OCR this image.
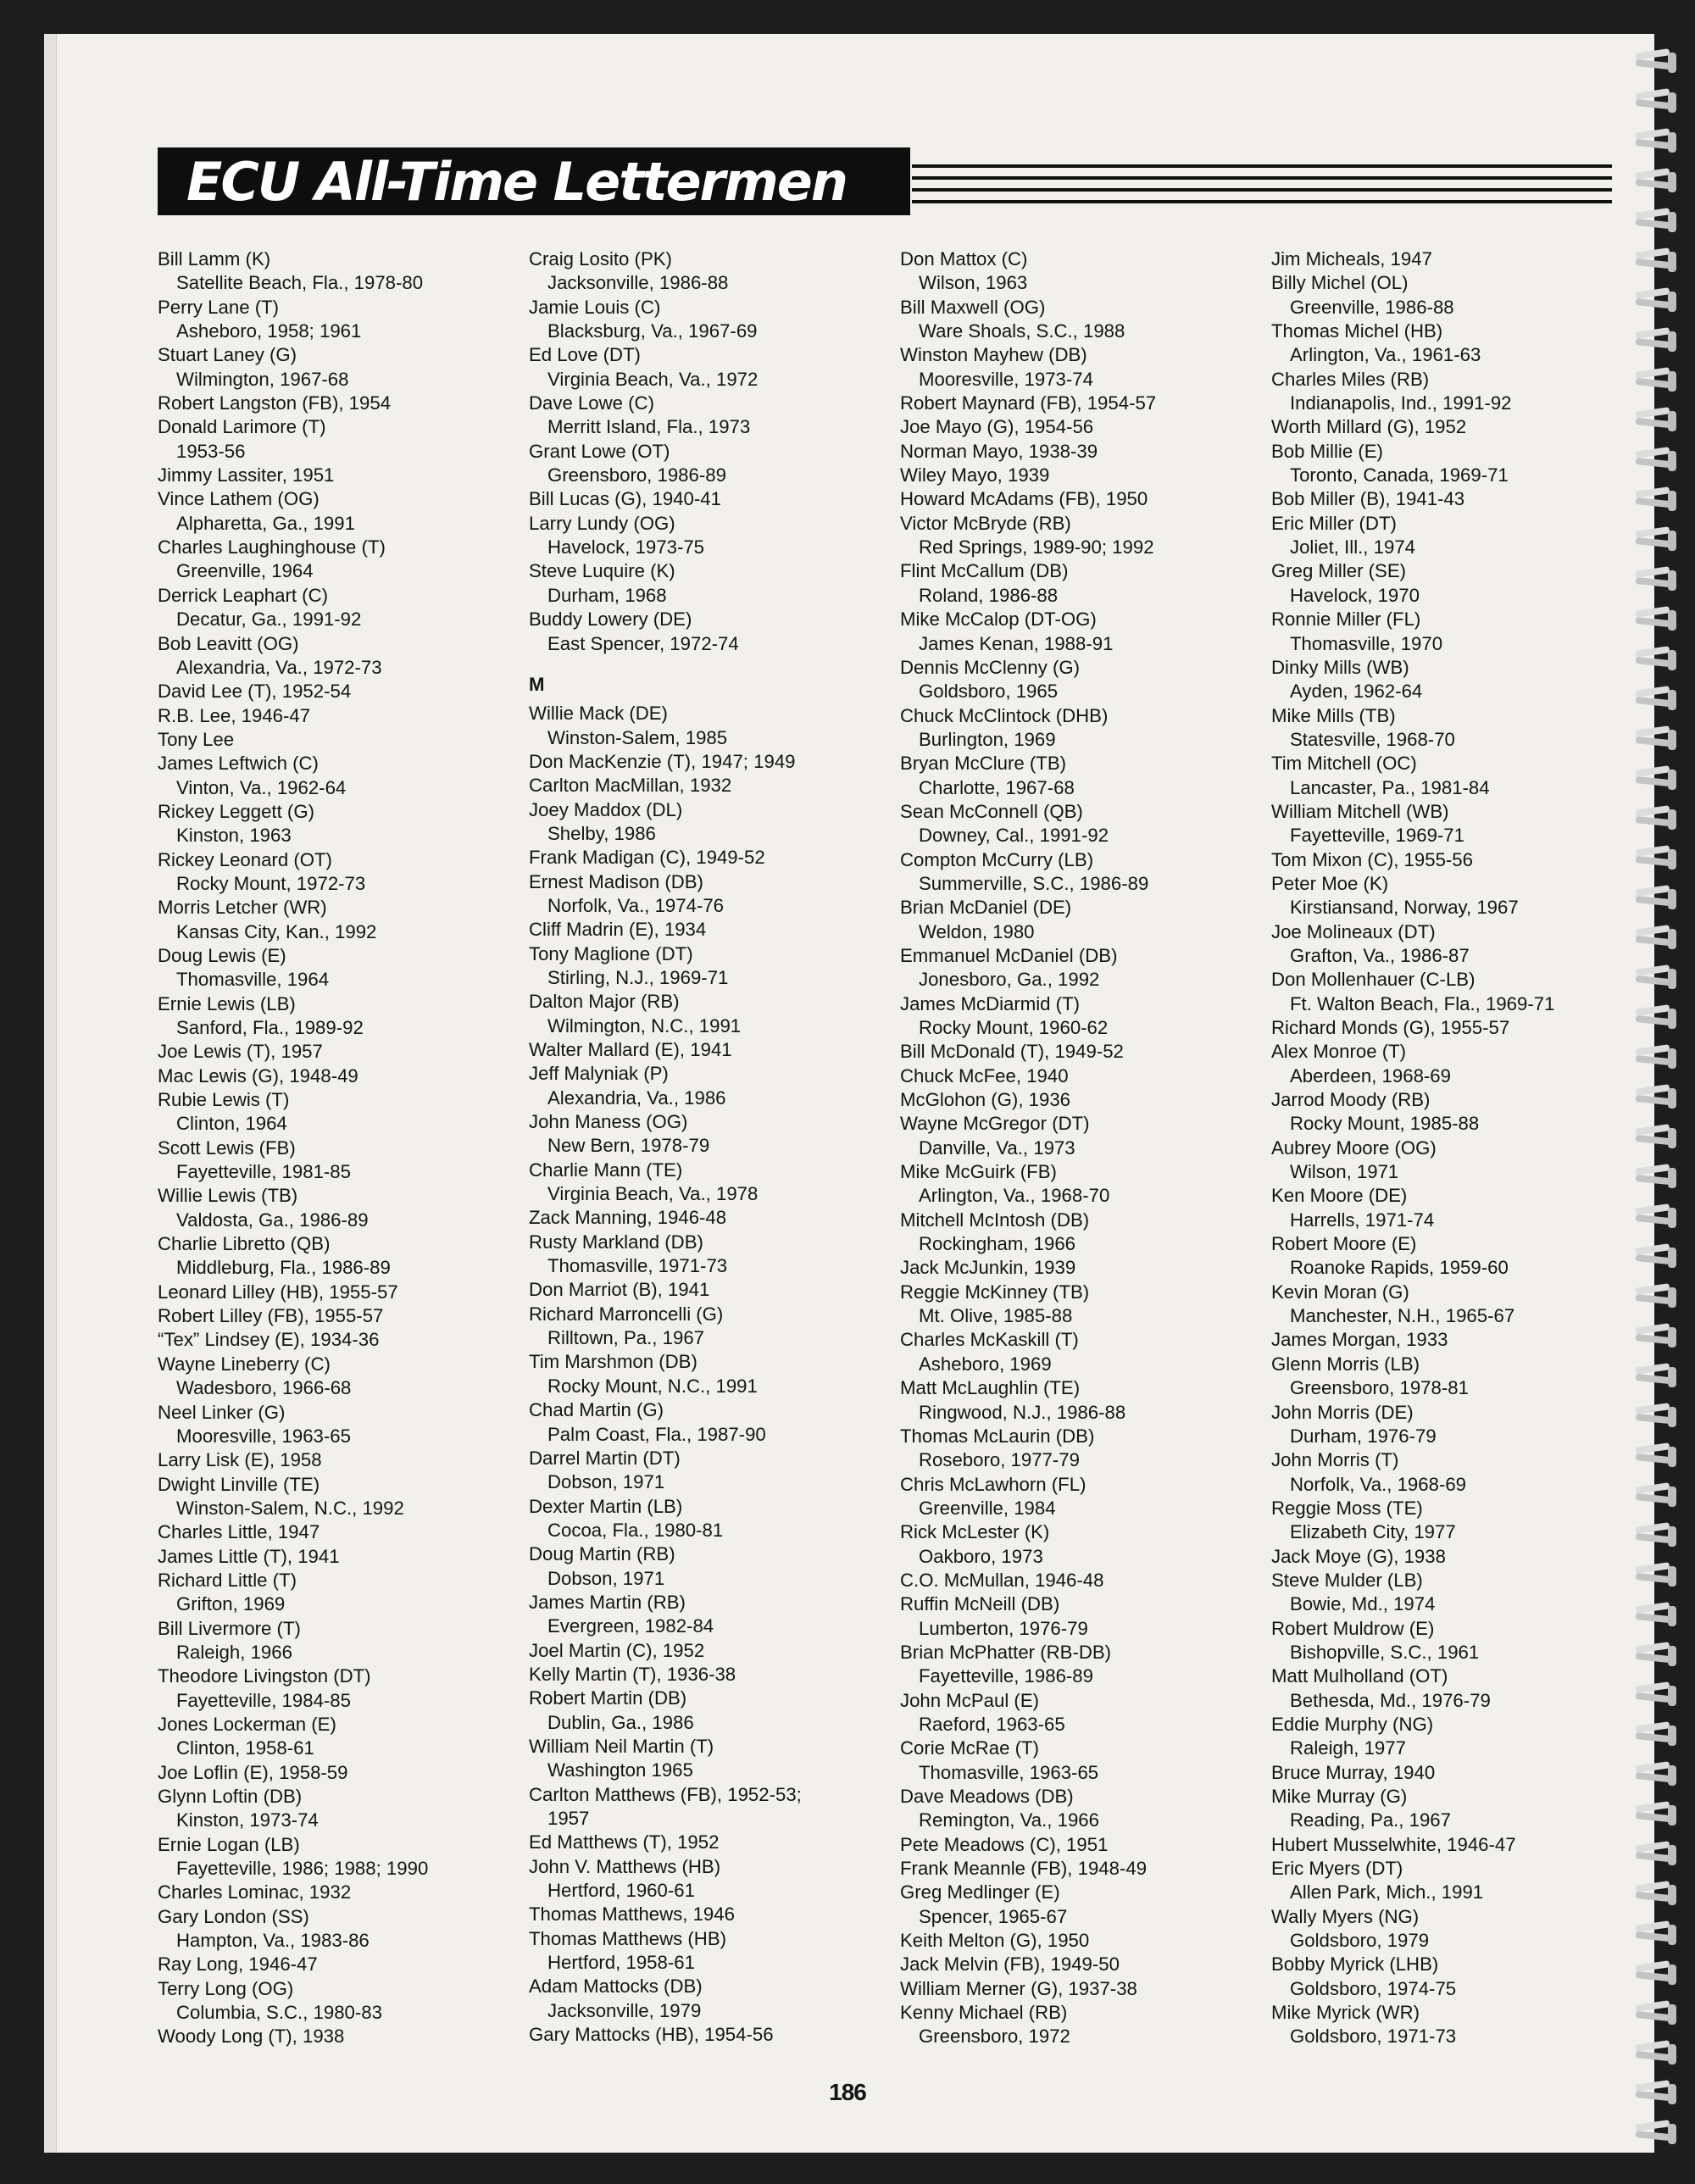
ECU All-Time Lettermen
Bill Lamm (K)
Satellite Beach, Fla., 1978-80
Perry Lane (T)
Asheboro, 1958; 1961
Stuart Laney (G)
Wilmington, 1967-68
Robert Langston (FB), 1954
Donald Larimore (T)
1953-56
Jimmy Lassiter, 1951
Vince Lathem (OG)
Alpharetta, Ga., 1991
Charles Laughinghouse (T)
Greenville, 1964
Derrick Leaphart (C)
Decatur, Ga., 1991-92
Bob Leavitt (OG)
Alexandria, Va., 1972-73
David Lee (T), 1952-54
R.B. Lee, 1946-47
Tony Lee
James Leftwich (C)
Vinton, Va., 1962-64
Rickey Leggett (G)
Kinston, 1963
Rickey Leonard (OT)
Rocky Mount, 1972-73
Morris Letcher (WR)
Kansas City, Kan., 1992
Doug Lewis (E)
Thomasville, 1964
Ernie Lewis (LB)
Sanford, Fla., 1989-92
Joe Lewis (T), 1957
Mac Lewis (G), 1948-49
Rubie Lewis (T)
Clinton, 1964
Scott Lewis (FB)
Fayetteville, 1981-85
Willie Lewis (TB)
Valdosta, Ga., 1986-89
Charlie Libretto (QB)
Middleburg, Fla., 1986-89
Leonard Lilley (HB), 1955-57
Robert Lilley (FB), 1955-57
“Tex” Lindsey (E), 1934-36
Wayne Lineberry (C)
Wadesboro, 1966-68
Neel Linker (G)
Mooresville, 1963-65
Larry Lisk (E), 1958
Dwight Linville (TE)
Winston-Salem, N.C., 1992
Charles Little, 1947
James Little (T), 1941
Richard Little (T)
Grifton, 1969
Bill Livermore (T)
Raleigh, 1966
Theodore Livingston (DT)
Fayetteville, 1984-85
Jones Lockerman (E)
Clinton, 1958-61
Joe Loflin (E), 1958-59
Glynn Loftin (DB)
Kinston, 1973-74
Ernie Logan (LB)
Fayetteville, 1986; 1988; 1990
Charles Lominac, 1932
Gary London (SS)
Hampton, Va., 1983-86
Ray Long, 1946-47
Terry Long (OG)
Columbia, S.C., 1980-83
Woody Long (T), 1938
Craig Losito (PK)
Jacksonville, 1986-88
Jamie Louis (C)
Blacksburg, Va., 1967-69
Ed Love (DT)
Virginia Beach, Va., 1972
Dave Lowe (C)
Merritt Island, Fla., 1973
Grant Lowe (OT)
Greensboro, 1986-89
Bill Lucas (G), 1940-41
Larry Lundy (OG)
Havelock, 1973-75
Steve Luquire (K)
Durham, 1968
Buddy Lowery (DE)
East Spencer, 1972-74
M
Willie Mack (DE)
Winston-Salem, 1985
Don MacKenzie (T), 1947; 1949
Carlton MacMillan, 1932
Joey Maddox (DL)
Shelby, 1986
Frank Madigan (C), 1949-52
Ernest Madison (DB)
Norfolk, Va., 1974-76
Cliff Madrin (E), 1934
Tony Maglione (DT)
Stirling, N.J., 1969-71
Dalton Major (RB)
Wilmington, N.C., 1991
Walter Mallard (E), 1941
Jeff Malyniak (P)
Alexandria, Va., 1986
John Maness (OG)
New Bern, 1978-79
Charlie Mann (TE)
Virginia Beach, Va., 1978
Zack Manning, 1946-48
Rusty Markland (DB)
Thomasville, 1971-73
Don Marriot (B), 1941
Richard Marroncelli (G)
Rilltown, Pa., 1967
Tim Marshmon (DB)
Rocky Mount, N.C., 1991
Chad Martin (G)
Palm Coast, Fla., 1987-90
Darrel Martin (DT)
Dobson, 1971
Dexter Martin (LB)
Cocoa, Fla., 1980-81
Doug Martin (RB)
Dobson, 1971
James Martin (RB)
Evergreen, 1982-84
Joel Martin (C), 1952
Kelly Martin (T), 1936-38
Robert Martin (DB)
Dublin, Ga., 1986
William Neil Martin (T)
Washington 1965
Carlton Matthews (FB), 1952-53;
1957
Ed Matthews (T), 1952
John V. Matthews (HB)
Hertford, 1960-61
Thomas Matthews, 1946
Thomas Matthews (HB)
Hertford, 1958-61
Adam Mattocks (DB)
Jacksonville, 1979
Gary Mattocks (HB), 1954-56
Don Mattox (C)
Wilson, 1963
Bill Maxwell (OG)
Ware Shoals, S.C., 1988
Winston Mayhew (DB)
Mooresville, 1973-74
Robert Maynard (FB), 1954-57
Joe Mayo (G), 1954-56
Norman Mayo, 1938-39
Wiley Mayo, 1939
Howard McAdams (FB), 1950
Victor McBryde (RB)
Red Springs, 1989-90; 1992
Flint McCallum (DB)
Roland, 1986-88
Mike McCalop (DT-OG)
James Kenan, 1988-91
Dennis McClenny (G)
Goldsboro, 1965
Chuck McClintock (DHB)
Burlington, 1969
Bryan McClure (TB)
Charlotte, 1967-68
Sean McConnell (QB)
Downey, Cal., 1991-92
Compton McCurry (LB)
Summerville, S.C., 1986-89
Brian McDaniel (DE)
Weldon, 1980
Emmanuel McDaniel (DB)
Jonesboro, Ga., 1992
James McDiarmid (T)
Rocky Mount, 1960-62
Bill McDonald (T), 1949-52
Chuck McFee, 1940
McGlohon (G), 1936
Wayne McGregor (DT)
Danville, Va., 1973
Mike McGuirk (FB)
Arlington, Va., 1968-70
Mitchell McIntosh (DB)
Rockingham, 1966
Jack McJunkin, 1939
Reggie McKinney (TB)
Mt. Olive, 1985-88
Charles McKaskill (T)
Asheboro, 1969
Matt McLaughlin (TE)
Ringwood, N.J., 1986-88
Thomas McLaurin (DB)
Roseboro, 1977-79
Chris McLawhorn (FL)
Greenville, 1984
Rick McLester (K)
Oakboro, 1973
C.O. McMullan, 1946-48
Ruffin McNeill (DB)
Lumberton, 1976-79
Brian McPhatter (RB-DB)
Fayetteville, 1986-89
John McPaul (E)
Raeford, 1963-65
Corie McRae (T)
Thomasville, 1963-65
Dave Meadows (DB)
Remington, Va., 1966
Pete Meadows (C), 1951
Frank Meannle (FB), 1948-49
Greg Medlinger (E)
Spencer, 1965-67
Keith Melton (G), 1950
Jack Melvin (FB), 1949-50
William Merner (G), 1937-38
Kenny Michael (RB)
Greensboro, 1972
Jim Micheals, 1947
Billy Michel (OL)
Greenville, 1986-88
Thomas Michel (HB)
Arlington, Va., 1961-63
Charles Miles (RB)
Indianapolis, Ind., 1991-92
Worth Millard (G), 1952
Bob Millie (E)
Toronto, Canada, 1969-71
Bob Miller (B), 1941-43
Eric Miller (DT)
Joliet, Ill., 1974
Greg Miller (SE)
Havelock, 1970
Ronnie Miller (FL)
Thomasville, 1970
Dinky Mills (WB)
Ayden, 1962-64
Mike Mills (TB)
Statesville, 1968-70
Tim Mitchell (OC)
Lancaster, Pa., 1981-84
William Mitchell (WB)
Fayetteville, 1969-71
Tom Mixon (C), 1955-56
Peter Moe (K)
Kirstiansand, Norway, 1967
Joe Molineaux (DT)
Grafton, Va., 1986-87
Don Mollenhauer (C-LB)
Ft. Walton Beach, Fla., 1969-71
Richard Monds (G), 1955-57
Alex Monroe (T)
Aberdeen, 1968-69
Jarrod Moody (RB)
Rocky Mount, 1985-88
Aubrey Moore (OG)
Wilson, 1971
Ken Moore (DE)
Harrells, 1971-74
Robert Moore (E)
Roanoke Rapids, 1959-60
Kevin Moran (G)
Manchester, N.H., 1965-67
James Morgan, 1933
Glenn Morris (LB)
Greensboro, 1978-81
John Morris (DE)
Durham, 1976-79
John Morris (T)
Norfolk, Va., 1968-69
Reggie Moss (TE)
Elizabeth City, 1977
Jack Moye (G), 1938
Steve Mulder (LB)
Bowie, Md., 1974
Robert Muldrow (E)
Bishopville, S.C., 1961
Matt Mulholland (OT)
Bethesda, Md., 1976-79
Eddie Murphy (NG)
Raleigh, 1977
Bruce Murray, 1940
Mike Murray (G)
Reading, Pa., 1967
Hubert Musselwhite, 1946-47
Eric Myers (DT)
Allen Park, Mich., 1991
Wally Myers (NG)
Goldsboro, 1979
Bobby Myrick (LHB)
Goldsboro, 1974-75
Mike Myrick (WR)
Goldsboro, 1971-73
186
